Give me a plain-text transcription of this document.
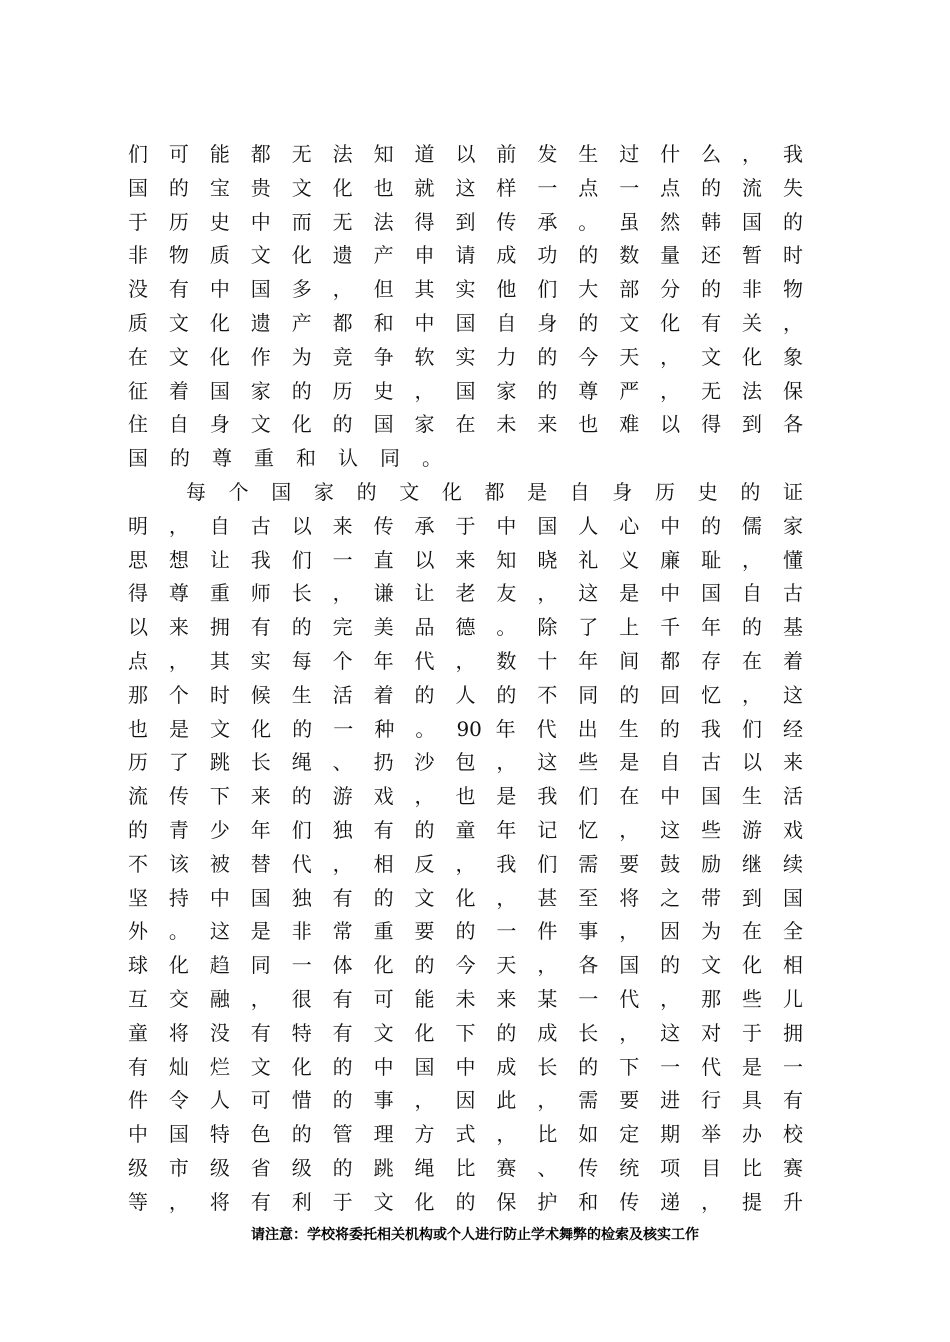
们 可 能 都 无 法 知 道 以 前 发 生 过 什 么 ， 我
国 的 宝 贵 文 化 也 就 这 样 一 点 一 点 的 流 失
于 历 史 中 而 无 法 得 到 传 承 。 虽 然 韩 国 的
非 物 质 文 化 遗 产 申 请 成 功 的 数 量 还 暂 时
没 有 中 国 多 ， 但 其 实 他 们 大 部 分 的 非 物
质 文 化 遗 产 都 和 中 国 自 身 的 文 化 有 关 ，
在 文 化 作 为 竞 争 软 实 力 的 今 天 ， 文 化 象
征 着 国 家 的 历 史 ， 国 家 的 尊 严 ， 无 法 保
住 自 身 文 化 的 国 家 在 未 来 也 难 以 得 到 各
国的尊重和认同。
每 个 国 家 的 文 化 都 是 自 身 历 史 的 证
明 ， 自 古 以 来 传 承 于 中 国 人 心 中 的 儒 家
思 想 让 我 们 一 直 以 来 知 晓 礼 义 廉 耻 ， 懂
得 尊 重 师 长 ， 谦 让 老 友 ， 这 是 中 国 自 古
以 来 拥 有 的 完 美 品 德 。 除 了 上 千 年 的 基
点 ， 其 实 每 个 年 代 ， 数 十 年 间 都 存 在 着
那 个 时 候 生 活 着 的 人 的 不 同 的 回 忆 ， 这
也 是 文 化 的 一 种 。 90 年 代 出 生 的 我 们 经
历 了 跳 长 绳 、 扔 沙 包 ， 这 些 是 自 古 以 来
流 传 下 来 的 游 戏 ， 也 是 我 们 在 中 国 生 活
的 青 少 年 们 独 有 的 童 年 记 忆 ， 这 些 游 戏
不 该 被 替 代 ， 相 反 ， 我 们 需 要 鼓 励 继 续
坚 持 中 国 独 有 的 文 化 ， 甚 至 将 之 带 到 国
外 。 这 是 非 常 重 要 的 一 件 事 ， 因 为 在 全
球 化 趋 同 一 体 化 的 今 天 ， 各 国 的 文 化 相
互 交 融 ， 很 有 可 能 未 来 某 一 代 ， 那 些 儿
童 将 没 有 特 有 文 化 下 的 成 长 ， 这 对 于 拥
有 灿 烂 文 化 的 中 国 中 成 长 的 下 一 代 是 一
件 令 人 可 惜 的 事 ， 因 此 ， 需 要 进 行 具 有
中 国 特 色 的 管 理 方 式 ， 比 如 定 期 举 办 校
级 市 级 省 级 的 跳 绳 比 赛 、 传 统 项 目 比 赛
等 ， 将 有 利 于 文 化 的 保 护 和 传 递 ， 提 升
请注意：学校将委托相关机构或个人进行防止学术舞弊的检索及核实工作
